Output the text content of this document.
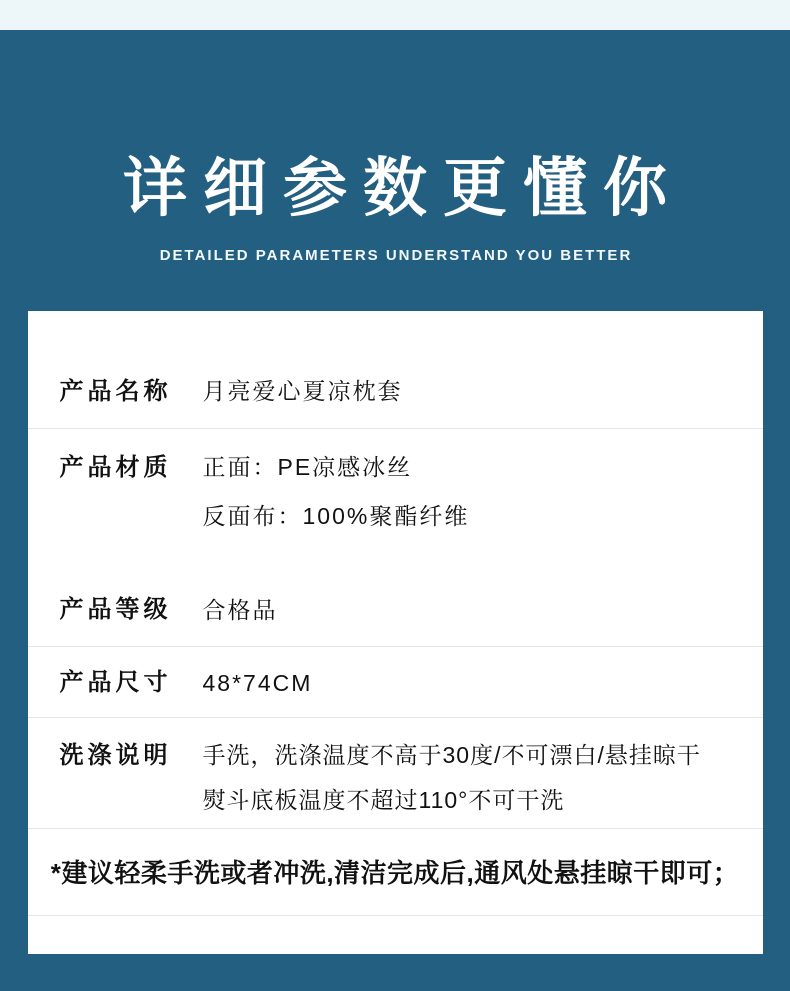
详细参数更懂你
DETAILED PARAMETERS UNDERSTAND YOU BETTER
产品名称	月亮爱心夏凉枕套
产品材质	正面：PE凉感冰丝
反面布：100%聚酯纤维
产品等级	合格品
产品尺寸	48*74CM
洗涤说明	手洗，洗涤温度不高于30度/不可漂白/悬挂晾干
熨斗底板温度不超过110°不可干洗
*建议轻柔手洗或者冲洗,清洁完成后,通风处悬挂晾干即可；
